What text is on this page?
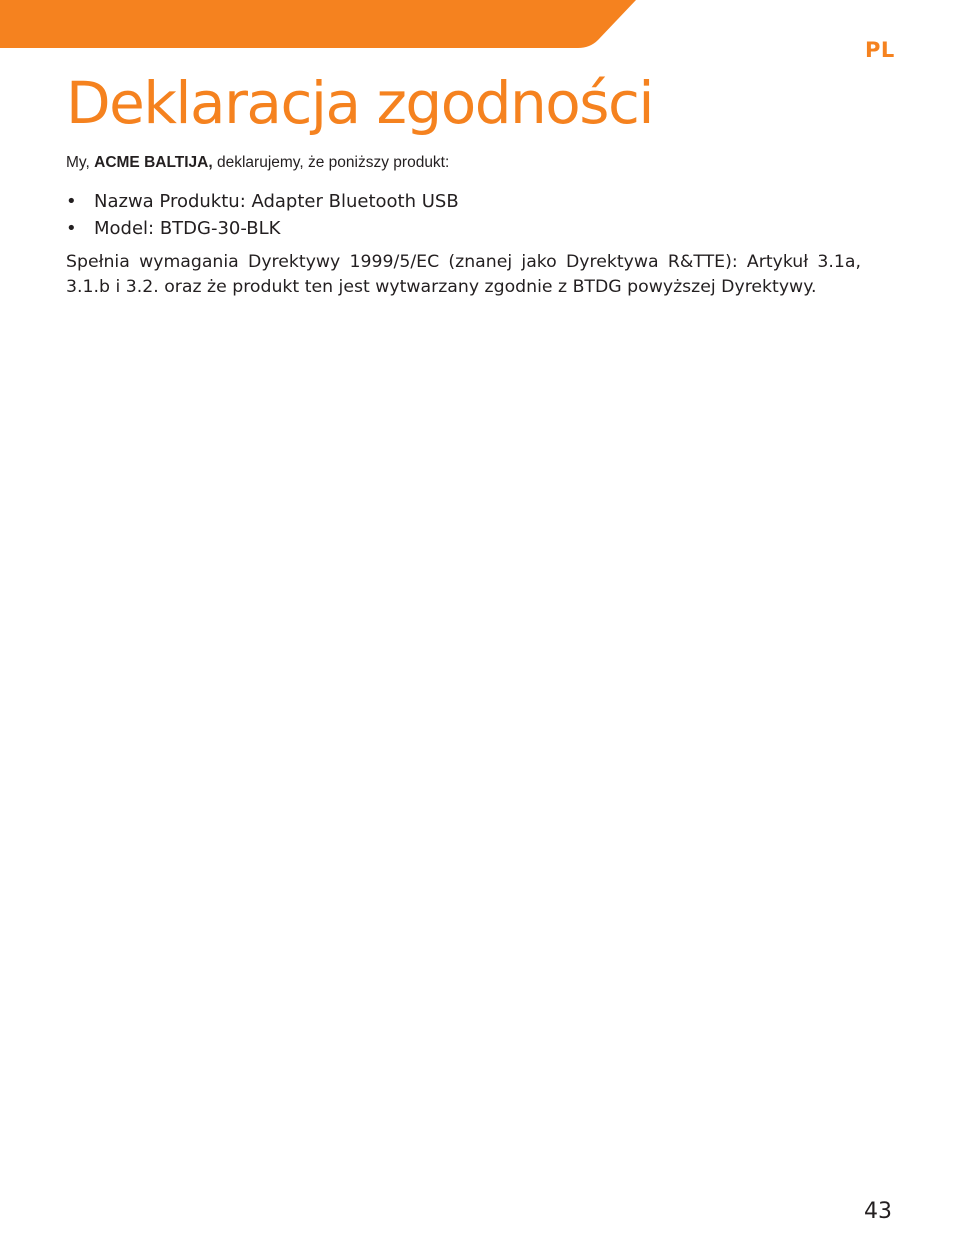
PL
Deklaracja zgodności
My, ACME BALTIJA, deklarujemy, że poniższy produkt:
• Nazwa Produktu: Adapter Bluetooth USB
• Model: BTDG-30-BLK

Spełnia wymagania Dyrektywy 1999/5/EC (znanej jako Dyrektywa R&TTE): Artykuł 3.1a, 3.1.b i 3.2. oraz że produkt ten jest wytwarzany zgodnie z BTDG powyższej Dyrektywy.

43
